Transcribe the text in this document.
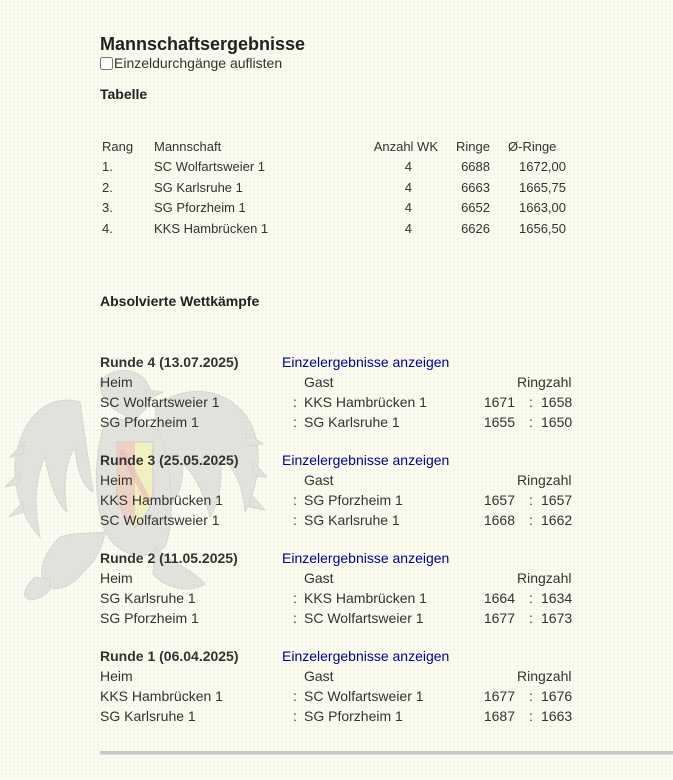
Mannschaftsergebnisse
Einzeldurchgänge auflisten
Tabelle
Rang	Mannschaft	Anzahl WK	Ringe	Ø-Ringe
1.	SC Wolfartsweier 1	4	6688	1672,00
2.	SG Karlsruhe 1	4	6663	1665,75
3.	SG Pforzheim 1	4	6652	1663,00
4.	KKS Hambrücken 1	4	6626	1656,50
Absolvierte Wettkämpfe
Runde 4 (13.07.2025)	Einzelergebnisse anzeigen
Heim	Gast	Ringzahl
SC Wolfartsweier 1	: KKS Hambrücken 1	1671 : 1658
SG Pforzheim 1	: SG Karlsruhe 1	1655 : 1650
Runde 3 (25.05.2025)	Einzelergebnisse anzeigen
Heim	Gast	Ringzahl
KKS Hambrücken 1	: SG Pforzheim 1	1657 : 1657
SC Wolfartsweier 1	: SG Karlsruhe 1	1668 : 1662
Runde 2 (11.05.2025)	Einzelergebnisse anzeigen
Heim	Gast	Ringzahl
SG Karlsruhe 1	: KKS Hambrücken 1	1664 : 1634
SG Pforzheim 1	: SC Wolfartsweier 1	1677 : 1673
Runde 1 (06.04.2025)	Einzelergebnisse anzeigen
Heim	Gast	Ringzahl
KKS Hambrücken 1	: SC Wolfartsweier 1	1677 : 1676
SG Karlsruhe 1	: SG Pforzheim 1	1687 : 1663
